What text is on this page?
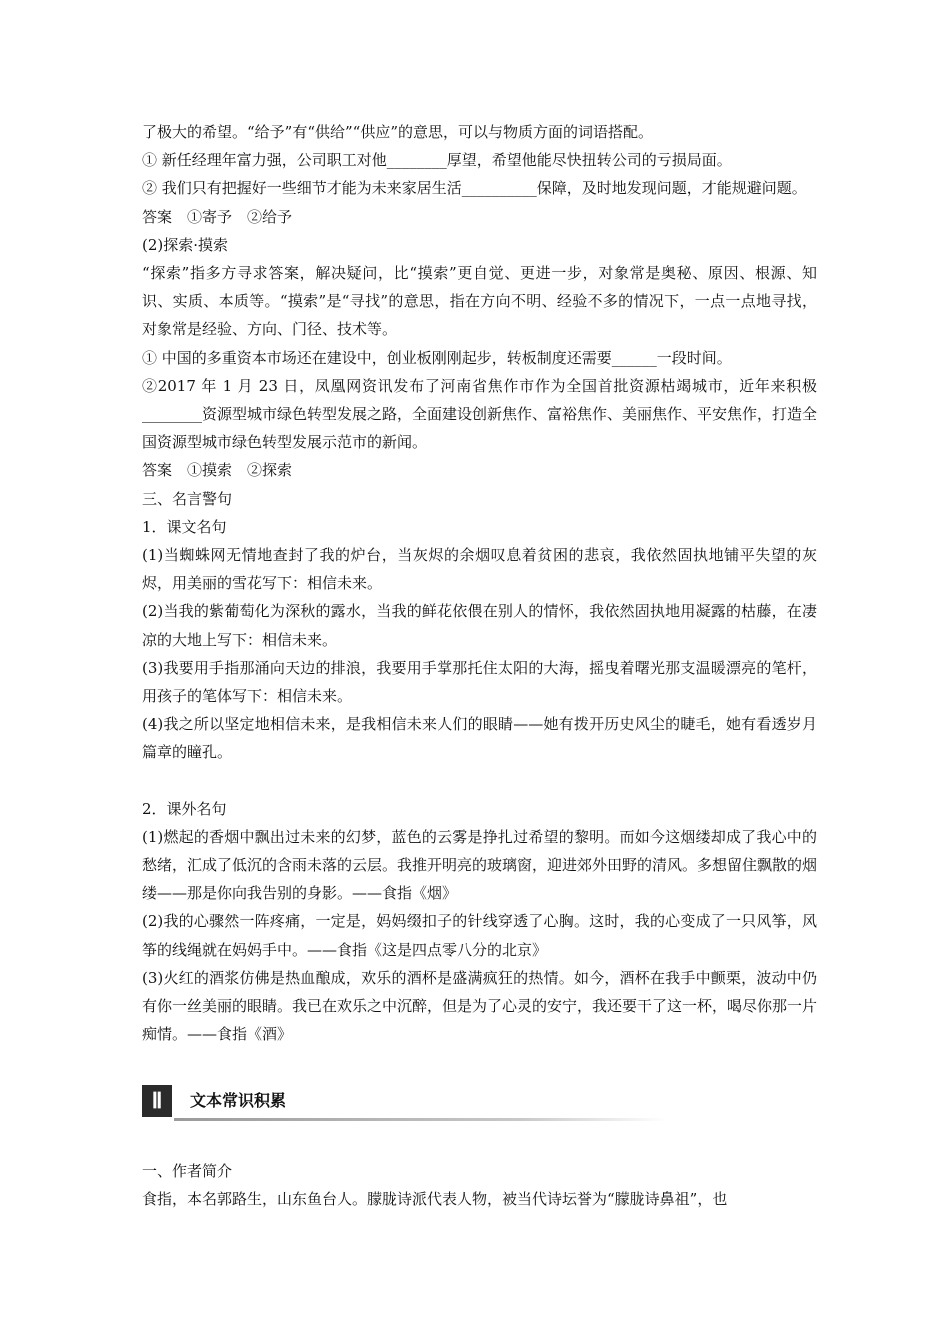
了极大的希望。“给予”有“供给”“供应”的意思，可以与物质方面的词语搭配。

① 新任经理年富力强，公司职工对他________厚望，希望他能尽快扭转公司的亏损局面。

② 我们只有把握好一些细节才能为未来家居生活__________保障，及时地发现问题，才能规避问题。

答案　①寄予　②给予

(2)探索·摸索

“探索”指多方寻求答案，解决疑问，比“摸索”更自觉、更进一步，对象常是奥秘、原因、根源、知识、实质、本质等。“摸索”是“寻找”的意思，指在方向不明、经验不多的情况下，一点一点地寻找，对象常是经验、方向、门径、技术等。

① 中国的多重资本市场还在建设中，创业板刚刚起步，转板制度还需要______一段时间。

②2017 年 1 月 23 日，凤凰网资讯发布了河南省焦作市作为全国首批资源枯竭城市，近年来积极________资源型城市绿色转型发展之路，全面建设创新焦作、富裕焦作、美丽焦作、平安焦作，打造全国资源型城市绿色转型发展示范市的新闻。

答案　①摸索　②探索

三、名言警句

1．课文名句

(1)当蜘蛛网无情地查封了我的炉台，当灰烬的余烟叹息着贫困的悲哀，我依然固执地铺平失望的灰烬，用美丽的雪花写下：相信未来。

(2)当我的紫葡萄化为深秋的露水，当我的鲜花依偎在别人的情怀，我依然固执地用凝露的枯藤，在凄凉的大地上写下：相信未来。

(3)我要用手指那涌向天边的排浪，我要用手掌那托住太阳的大海，摇曳着曙光那支温暖漂亮的笔杆，用孩子的笔体写下：相信未来。

(4)我之所以坚定地相信未来，是我相信未来人们的眼睛——她有拨开历史风尘的睫毛，她有看透岁月篇章的瞳孔。

2．课外名句

(1)燃起的香烟中飘出过未来的幻梦，蓝色的云雾是挣扎过希望的黎明。而如今这烟缕却成了我心中的愁绪，汇成了低沉的含雨未落的云层。我推开明亮的玻璃窗，迎进郊外田野的清风。多想留住飘散的烟缕——那是你向我告别的身影。——食指《烟》

(2)我的心骤然一阵疼痛，一定是，妈妈缀扣子的针线穿透了心胸。这时，我的心变成了一只风筝，风筝的线绳就在妈妈手中。——食指《这是四点零八分的北京》

(3)火红的酒浆仿佛是热血酿成，欢乐的酒杯是盛满疯狂的热情。如今，酒杯在我手中颤栗，波动中仍有你一丝美丽的眼睛。我已在欢乐之中沉醉，但是为了心灵的安宁，我还要干了这一杯，喝尽你那一片痴情。——食指《酒》

Ⅱ	文本常识积累

一、作者简介

食指，本名郭路生，山东鱼台人。朦胧诗派代表人物，被当代诗坛誉为“朦胧诗鼻祖”，也
